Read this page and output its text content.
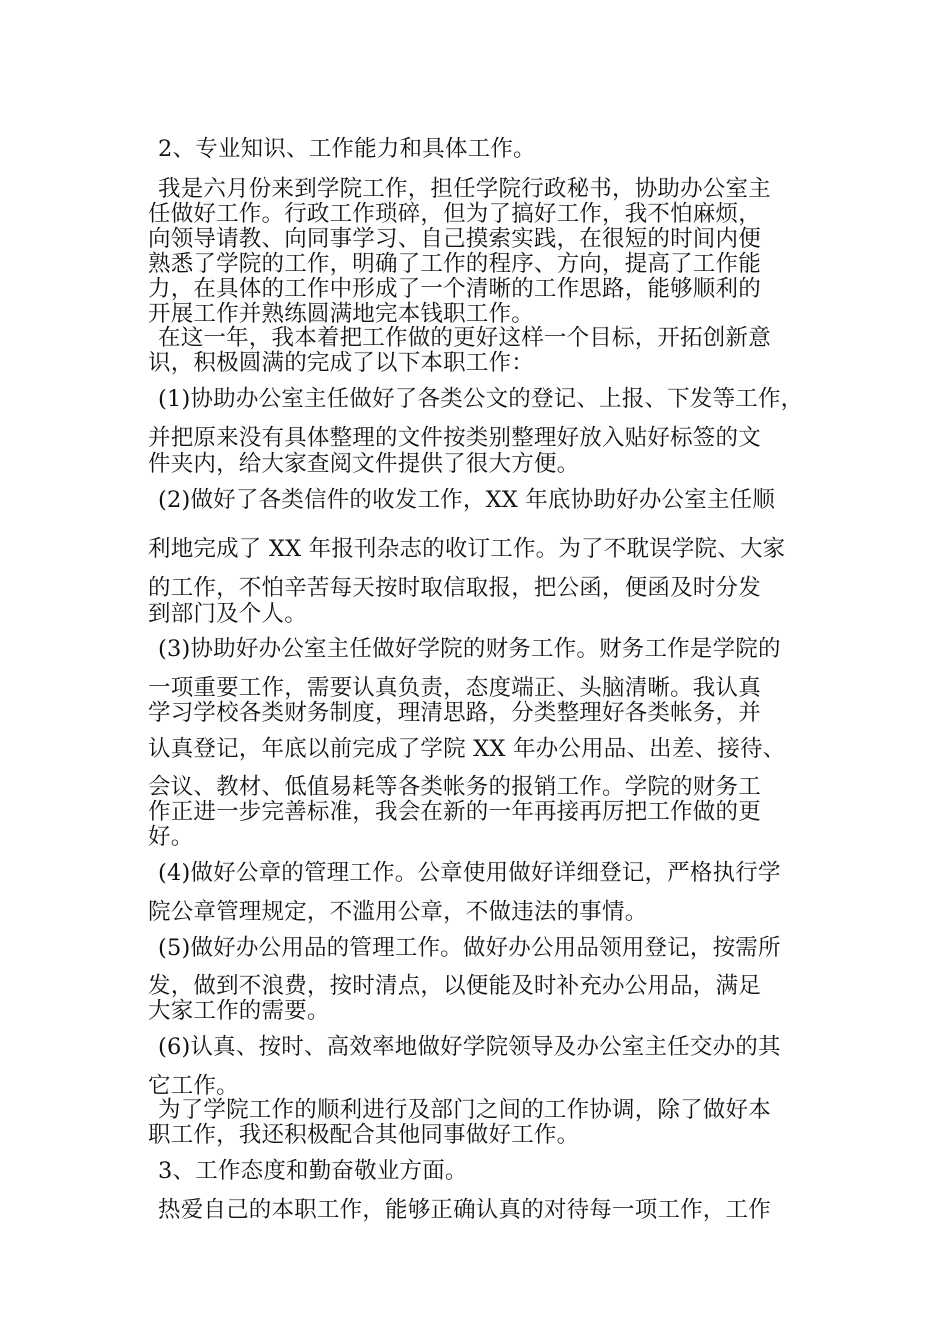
2、专业知识、工作能力和具体工作。
我是六月份来到学院工作，担任学院行政秘书，协助办公室主
任做好工作。行政工作琐碎，但为了搞好工作，我不怕麻烦，
向领导请教、向同事学习、自己摸索实践，在很短的时间内便
熟悉了学院的工作，明确了工作的程序、方向，提高了工作能
力，在具体的工作中形成了一个清晰的工作思路，能够顺利的
开展工作并熟练圆满地完本钱职工作。
在这一年，我本着把工作做的更好这样一个目标，开拓创新意
识，积极圆满的完成了以下本职工作：
(1)协助办公室主任做好了各类公文的登记、上报、下发等工作，
并把原来没有具体整理的文件按类别整理好放入贴好标签的文
件夹内，给大家查阅文件提供了很大方便。
(2)做好了各类信件的收发工作，XX 年底协助好办公室主任顺
利地完成了 XX 年报刊杂志的收订工作。为了不耽误学院、大家
的工作，不怕辛苦每天按时取信取报，把公函，便函及时分发
到部门及个人。
(3)协助好办公室主任做好学院的财务工作。财务工作是学院的
一项重要工作，需要认真负责，态度端正、头脑清晰。我认真
学习学校各类财务制度，理清思路，分类整理好各类帐务，并
认真登记，年底以前完成了学院 XX 年办公用品、出差、接待、
会议、教材、低值易耗等各类帐务的报销工作。学院的财务工
作正进一步完善标准，我会在新的一年再接再厉把工作做的更
好。
(4)做好公章的管理工作。公章使用做好详细登记，严格执行学
院公章管理规定，不滥用公章，不做违法的事情。
(5)做好办公用品的管理工作。做好办公用品领用登记，按需所
发，做到不浪费，按时清点，以便能及时补充办公用品，满足
大家工作的需要。
(6)认真、按时、高效率地做好学院领导及办公室主任交办的其
它工作。
为了学院工作的顺利进行及部门之间的工作协调，除了做好本
职工作，我还积极配合其他同事做好工作。
3、工作态度和勤奋敬业方面。
热爱自己的本职工作，能够正确认真的对待每一项工作，工作
